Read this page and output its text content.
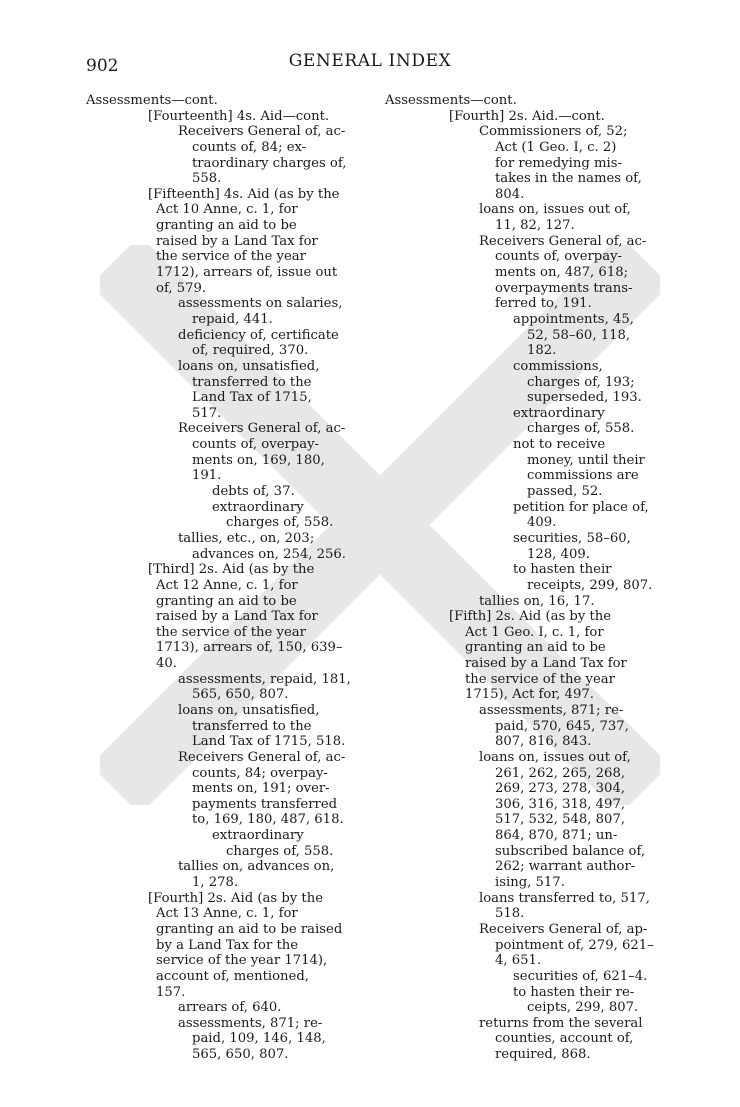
902	GENERAL INDEX
Assessments—cont.
[Fourteenth] 4s. Aid—cont.
Receivers General of, ac-
counts of, 84; ex-
traordinary charges of,
558.
[Fifteenth] 4s. Aid (as by the
Act 10 Anne, c. 1, for
granting an aid to be
raised by a Land Tax for
the service of the year
1712), arrears of, issue out
of, 579.
assessments on salaries,
repaid, 441.
deficiency of, certificate
of, required, 370.
loans on, unsatisfied,
transferred to the
Land Tax of 1715,
517.
Receivers General of, ac-
counts of, overpay-
ments on, 169, 180,
191.
debts of, 37.
extraordinary
charges of, 558.
tallies, etc., on, 203;
advances on, 254, 256.
[Third] 2s. Aid (as by the
Act 12 Anne, c. 1, for
granting an aid to be
raised by a Land Tax for
the service of the year
1713), arrears of, 150, 639–
40.
assessments, repaid, 181,
565, 650, 807.
loans on, unsatisfied,
transferred to the
Land Tax of 1715, 518.
Receivers General of, ac-
counts, 84; overpay-
ments on, 191; over-
payments transferred
to, 169, 180, 487, 618.
extraordinary
charges of, 558.
tallies on, advances on,
1, 278.
[Fourth] 2s. Aid (as by the
Act 13 Anne, c. 1, for
granting an aid to be raised
by a Land Tax for the
service of the year 1714),
account of, mentioned,
157.
arrears of, 640.
assessments, 871; re-
paid, 109, 146, 148,
565, 650, 807.
Assessments—cont.
[Fourth] 2s. Aid.—cont.
Commissioners of, 52;
Act (1 Geo. I, c. 2)
for remedying mis-
takes in the names of,
804.
loans on, issues out of,
11, 82, 127.
Receivers General of, ac-
counts of, overpay-
ments on, 487, 618;
overpayments trans-
ferred to, 191.
appointments, 45,
52, 58–60, 118,
182.
commissions,
charges of, 193;
superseded, 193.
extraordinary
charges of, 558.
not to receive
money, until their
commissions are
passed, 52.
petition for place of,
409.
securities, 58–60,
128, 409.
to hasten their
receipts, 299, 807.
tallies on, 16, 17.
[Fifth] 2s. Aid (as by the
Act 1 Geo. I, c. 1, for
granting an aid to be
raised by a Land Tax for
the service of the year
1715), Act for, 497.
assessments, 871; re-
paid, 570, 645, 737,
807, 816, 843.
loans on, issues out of,
261, 262, 265, 268,
269, 273, 278, 304,
306, 316, 318, 497,
517, 532, 548, 807,
864, 870, 871; un-
subscribed balance of,
262; warrant author-
ising, 517.
loans transferred to, 517,
518.
Receivers General of, ap-
pointment of, 279, 621–
4, 651.
securities of, 621–4.
to hasten their re-
ceipts, 299, 807.
returns from the several
counties, account of,
required, 868.
